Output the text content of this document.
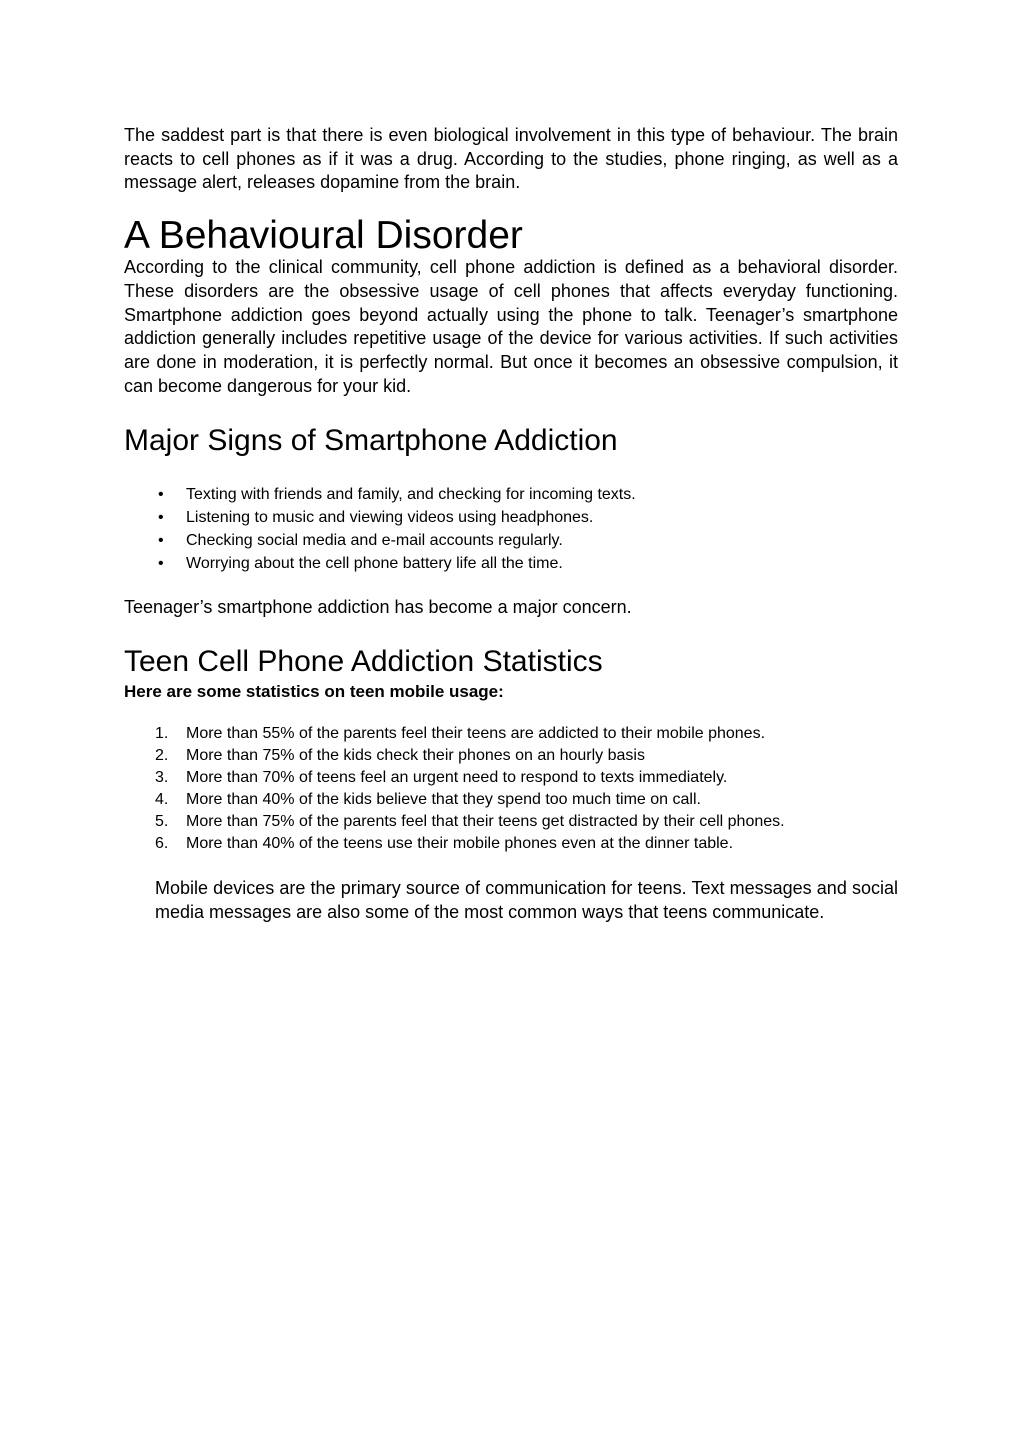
The saddest part is that there is even biological involvement in this type of behaviour. The brain reacts to cell phones as if it was a drug. According to the studies, phone ringing, as well as a message alert, releases dopamine from the brain.

A Behavioural Disorder

According to the clinical community, cell phone addiction is defined as a behavioral disorder. These disorders are the obsessive usage of cell phones that affects everyday functioning. Smartphone addiction goes beyond actually using the phone to talk. Teenager’s smartphone addiction generally includes repetitive usage of the device for various activities. If such activities are done in moderation, it is perfectly normal. But once it becomes an obsessive compulsion, it can become dangerous for your kid.

Major Signs of Smartphone Addiction
• Texting with friends and family, and checking for incoming texts.
• Listening to music and viewing videos using headphones.
• Checking social media and e-mail accounts regularly.
• Worrying about the cell phone battery life all the time.

Teenager’s smartphone addiction has become a major concern.

Teen Cell Phone Addiction Statistics

Here are some statistics on teen mobile usage:

1. More than 55% of the parents feel their teens are addicted to their mobile phones.
2. More than 75% of the kids check their phones on an hourly basis
3. More than 70% of teens feel an urgent need to respond to texts immediately.
4. More than 40% of the kids believe that they spend too much time on call.
5. More than 75% of the parents feel that their teens get distracted by their cell phones.
6. More than 40% of the teens use their mobile phones even at the dinner table.

Mobile devices are the primary source of communication for teens. Text messages and social media messages are also some of the most common ways that teens communicate.
